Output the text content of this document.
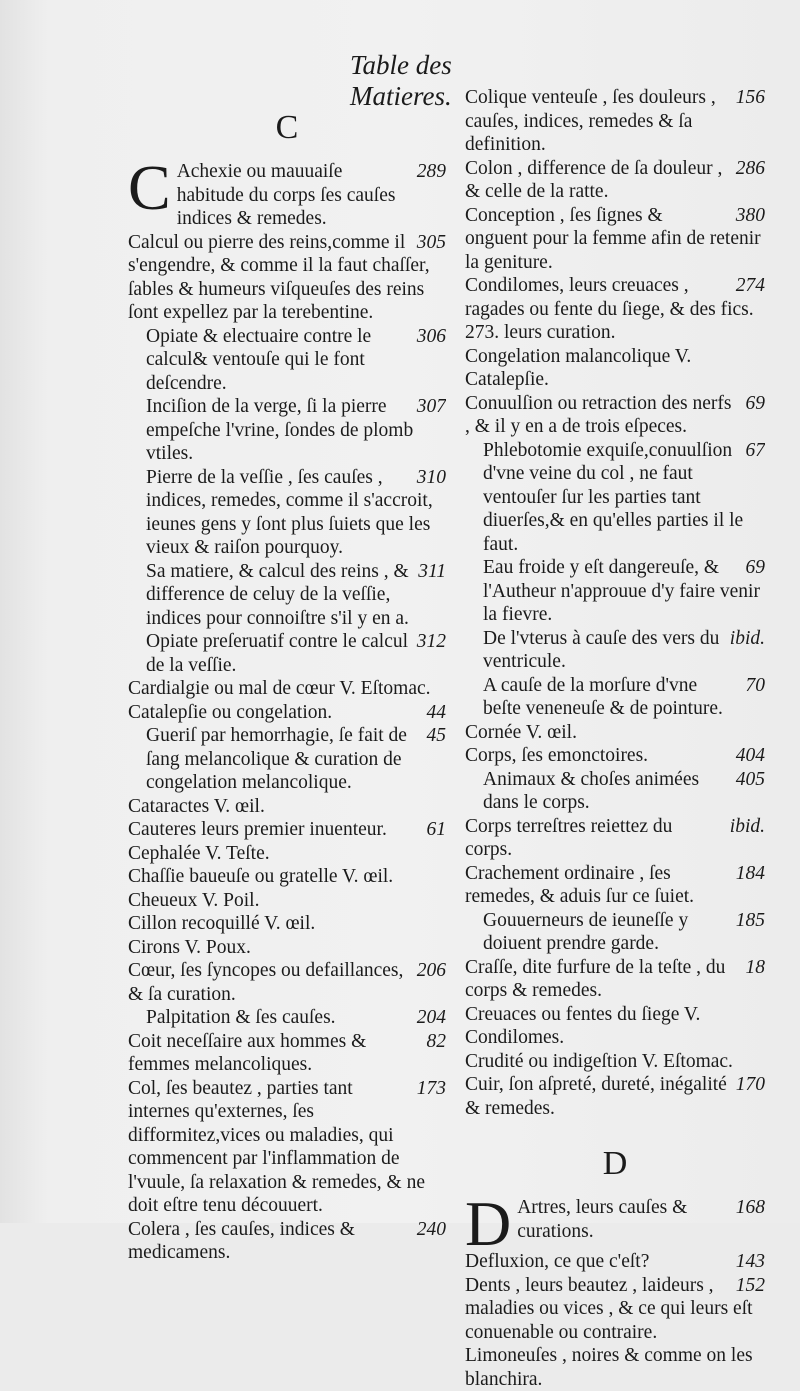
Table des Matieres.
C
C	289
Achexie ou mauuaiſe habitude du corps ſes cauſes indices & remedes.
305
Calcul ou pierre des reins,comme il s'engendre, & comme il la faut chaſſer, ſables & humeurs viſqueuſes des reins ſont expellez par la terebentine.
306
Opiate & electuaire contre le calcul& ventouſe qui le font deſcendre.
307
Inciſion de la verge, ſi la pierre empeſche l'vrine, ſondes de plomb vtiles.
310
Pierre de la veſſie , ſes cauſes , indices, remedes, comme il s'accroit, ieunes gens y ſont plus ſuiets que les vieux & raiſon pourquoy.
311
Sa matiere, & calcul des reins , & difference de celuy de la veſſie, indices pour connoiſtre s'il y en a.
312
Opiate preſeruatif contre le calcul de la veſſie.
Cardialgie ou mal de cœur V. Eſtomac.
44
Catalepſie ou congelation.
45
Gueriſ par hemorrhagie, ſe fait de ſang melancolique & curation de congelation melancolique.
Cataractes V. œil.
61
Cauteres leurs premier inuenteur.
Cephalée V. Teſte.
Chaſſie baueuſe ou gratelle V. œil.
Cheueux V. Poil.
Cillon recoquillé V. œil.
Cirons V. Poux.
206
Cœur, ſes ſyncopes ou defaillances, & ſa curation.
204
Palpitation & ſes cauſes.
82
Coit neceſſaire aux hommes & femmes melancoliques.
173
Col, ſes beautez , parties tant internes qu'externes, ſes difformitez,vices ou maladies, qui commencent par l'inflammation de l'vuule, ſa relaxation & remedes, & ne doit eſtre tenu découuert.
240
Colera , ſes cauſes, indices & medicamens.
156
Colique venteuſe , ſes douleurs , cauſes, indices, remedes & ſa definition.
286
Colon , difference de ſa douleur , & celle de la ratte.
380
Conception , ſes ſignes & onguent pour la femme afin de retenir la geniture.
274
Condilomes, leurs creuaces , ragades ou fente du ſiege, & des fics. 273. leurs curation.
Congelation malancolique V. Catalepſie.
69
Conuulſion ou retraction des nerfs , & il y en a de trois eſpeces.
67
Phlebotomie exquiſe,conuulſion d'vne veine du col , ne faut ventouſer ſur les parties tant diuerſes,& en qu'elles parties il le faut.
69
Eau froide y eſt dangereuſe, & l'Autheur n'approuue d'y faire venir la fievre.
ibid.
De l'vterus à cauſe des vers du ventricule.
70
A cauſe de la morſure d'vne beſte veneneuſe & de pointure.
Cornée V. œil.
404
Corps, ſes emonctoires.
405
Animaux & choſes animées dans le corps.
ibid.
Corps terreſtres reiettez du corps.
184
Crachement ordinaire , ſes remedes, & aduis ſur ce ſuiet.
185
Gouuerneurs de ieuneſſe y doiuent prendre garde.
18
Craſſe, dite furfure de la teſte , du corps & remedes.
Creuaces ou fentes du ſiege V. Condilomes.
Crudité ou indigeſtion V. Eſtomac.
170
Cuir, ſon aſpreté, dureté, inégalité & remedes.
D
D	168
Artres, leurs cauſes & curations.
143
Defluxion, ce que c'eſt?
152
Dents , leurs beautez , laideurs , maladies ou vices , & ce qui leurs eſt conuenable ou contraire.
Limoneuſes , noires & comme on les blanchira.
